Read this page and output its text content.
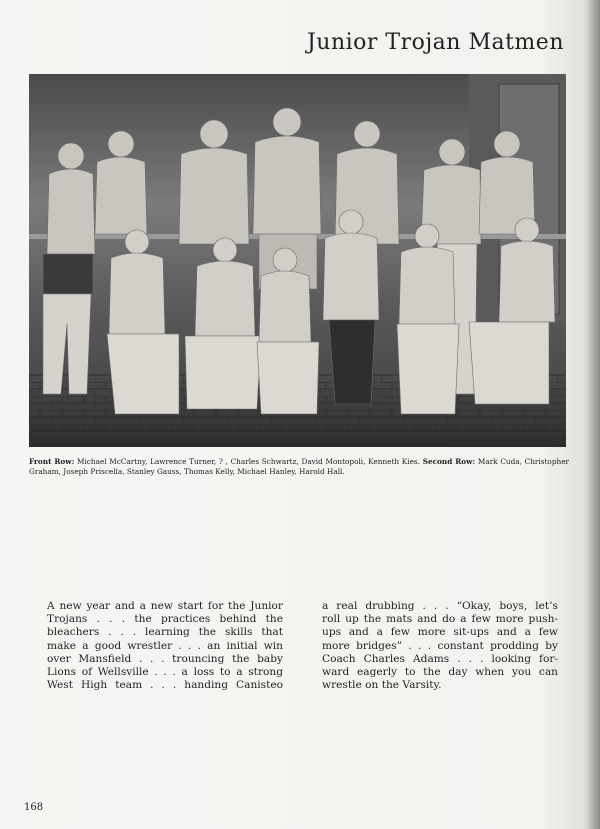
Junior Trojan Matmen
Front Row: Michael McCartny, Lawrence Turner, ? , Charles Schwartz, David Montopoli, Kenneth Kies. Second Row: Mark Cuda, Christopher Graham, Joseph Priscella, Stanley Gauss, Thomas Kelly, Michael Hanley, Harold Hall.
A new year and a new start for the Junior
Trojans . . . the practices behind the
bleachers . . . learning the skills that
make a good wrestler . . . an initial win
over Mansfield . . . trouncing the baby
Lions of Wellsville . . . a loss to a strong
West High team . . . handing Canisteo
a real drubbing . . . “Okay, boys, let’s
roll up the mats and do a few more push-
ups and a few more sit-ups and a few
more bridges” . . . constant prodding by
Coach Charles Adams . . . looking for-
ward eagerly to the day when you can
wrestle on the Varsity.
168
